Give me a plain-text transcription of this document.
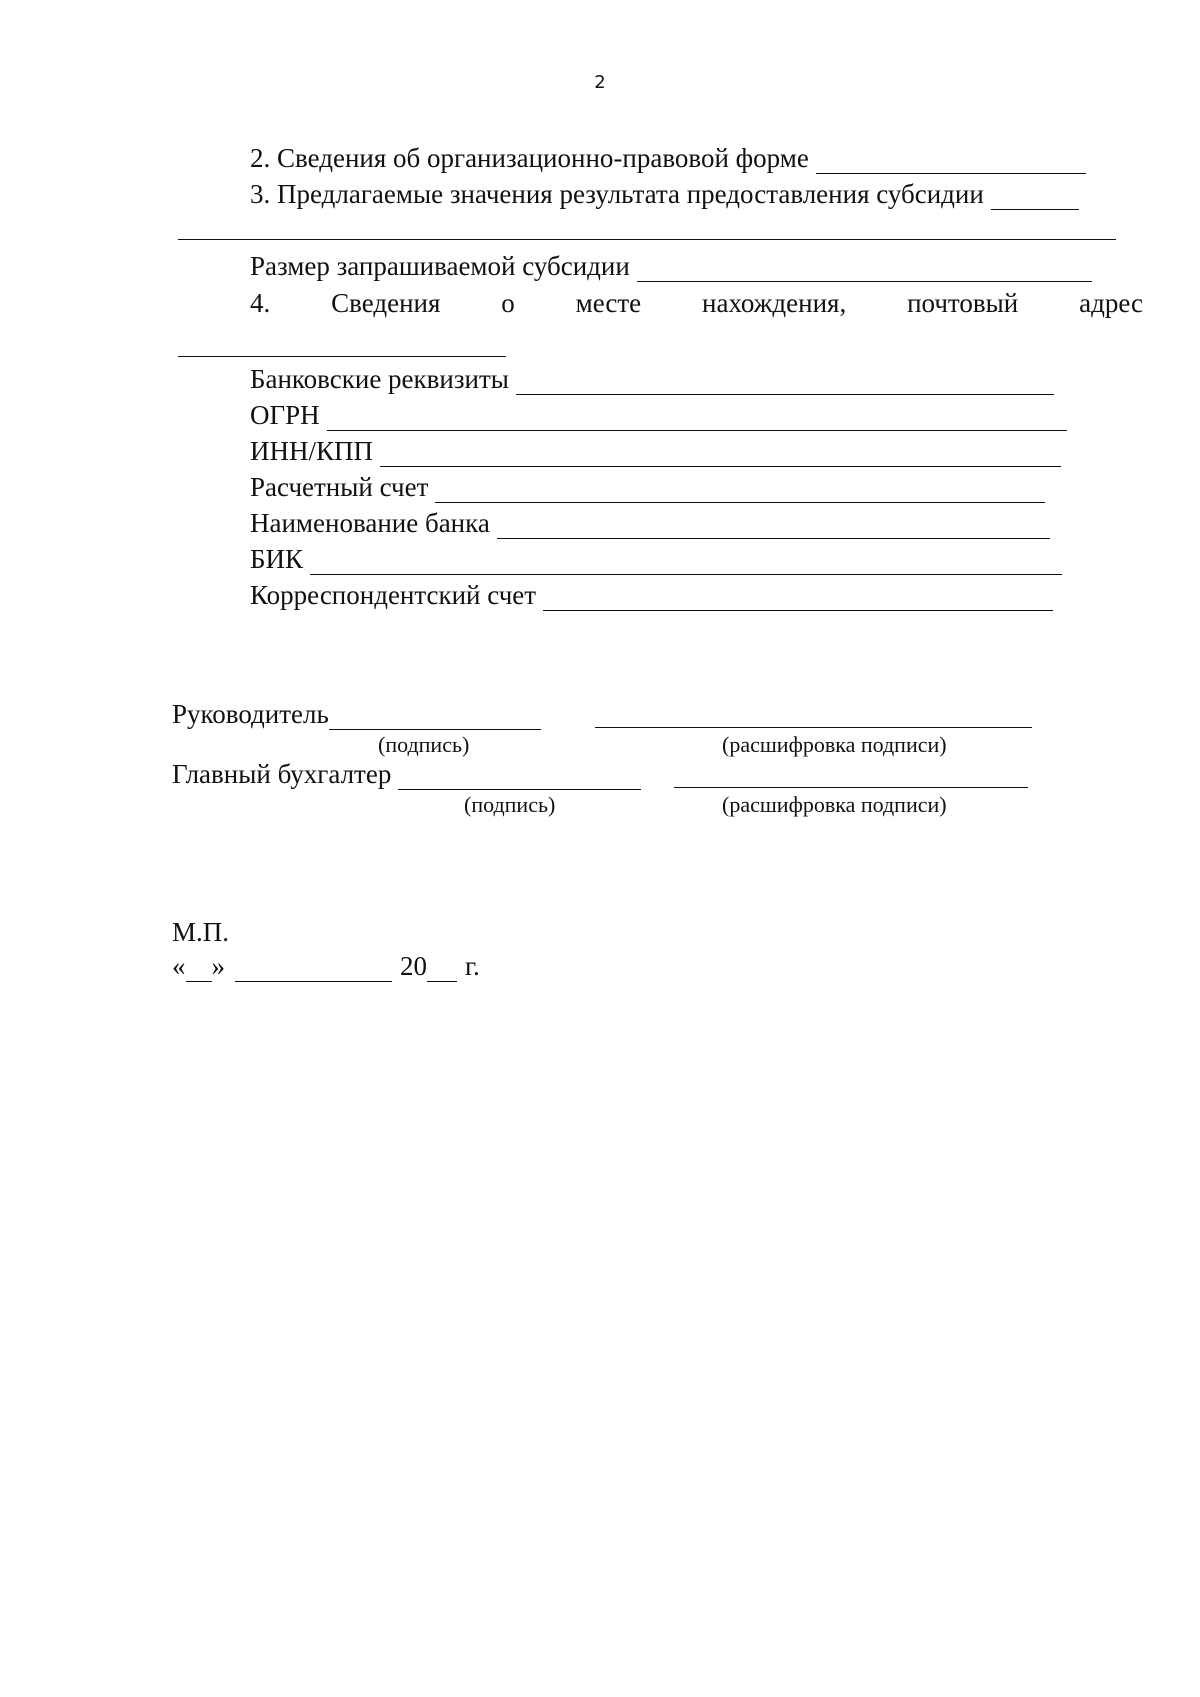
2
2. Сведения об организационно-правовой форме
3. Предлагаемые значения результата предоставления субсидии
Размер запрашиваемой субсидии
4. Сведения о месте нахождения, почтовый адрес
Банковские реквизиты
ОГРН
ИНН/КПП
Расчетный счет
Наименование банка
БИК
Корреспондентский счет
Руководитель
(подпись)	(расшифровка подписи)
Главный бухгалтер
(подпись)	(расшифровка подписи)
М.П.
« »	20 г.
